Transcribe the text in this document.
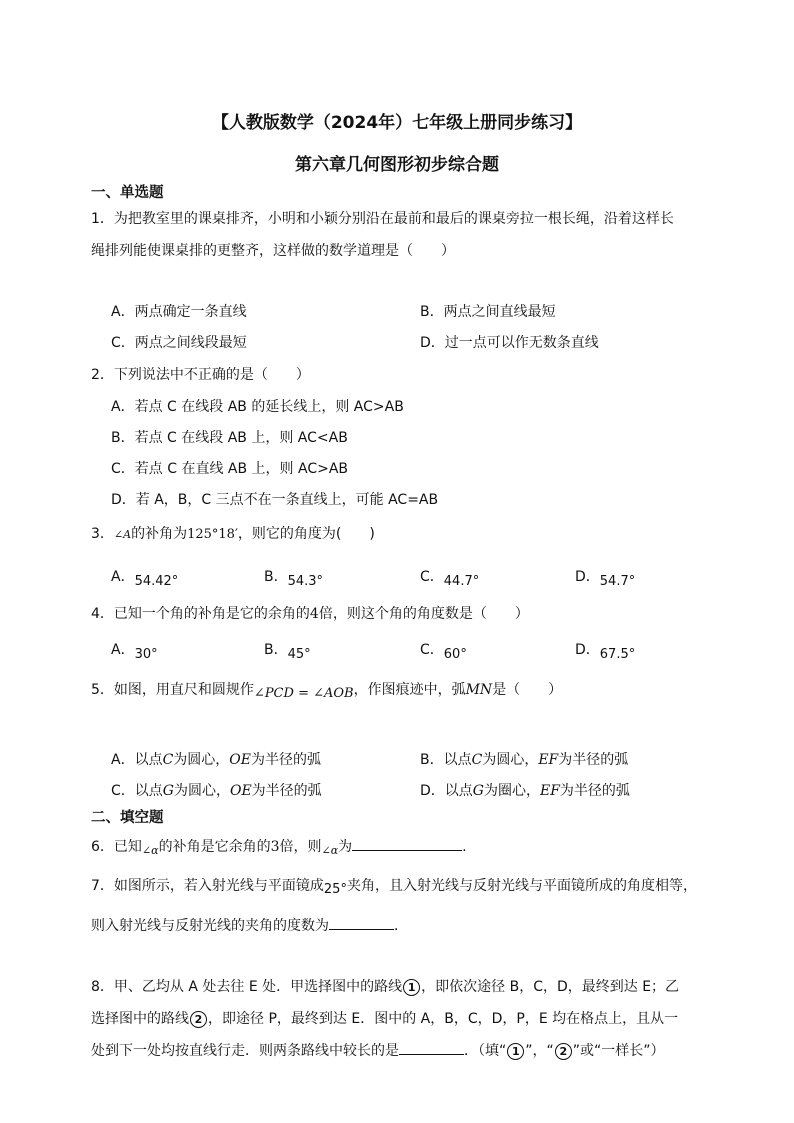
【人教版数学（2024年）七年级上册同步练习】
第六章几何图形初步综合题
一、单选题
1．为把教室里的课桌排齐，小明和小颖分别沿在最前和最后的课桌旁拉一根长绳，沿着这样长
绳排列能使课桌排的更整齐，这样做的数学道理是（　　）
A．两点确定一条直线	B．两点之间直线最短
C．两点之间线段最短	D．过一点可以作无数条直线
2．下列说法中不正确的是（　　）
A．若点 C 在线段 AB 的延长线上，则 AC>AB
B．若点 C 在线段 AB 上，则 AC<AB
C．若点 C 在直线 AB 上，则 AC>AB
D．若 A，B，C 三点不在一条直线上，可能 AC=AB
3．∠A的补角为125°18′，则它的角度为(　　)
A．54.42°	B．54.3°	C．44.7°	D．54.7°
4．已知一个角的补角是它的余角的4倍，则这个角的角度数是（　　）
A．30°	B．45°	C．60°	D．67.5°
5．如图，用直尺和圆规作∠PCD = ∠AOB，作图痕迹中，弧MN是（　　）
A．以点C为圆心，OE为半径的弧	B．以点C为圆心，EF为半径的弧
C．以点G为圆心，OE为半径的弧	D．以点G为圈心，EF为半径的弧
二、填空题
6．已知$_{\angle\alpha}$的补角是它余角的3倍，则$_{\angle\alpha}$为	.
7．如图所示，若入射光线与平面镜成25°夹角，且入射光线与反射光线与平面镜所成的角度相等，
则入射光线与反射光线的夹角的度数为	．
8．甲、乙均从 A 处去往 E 处．甲选择图中的路线 1 ，即依次途径 B，C，D，最终到达 E；乙
选择图中的路线 2 ，即途径 P，最终到达 E．图中的 A，B，C，D，P，E 均在格点上，且从一
处到下一处均按直线行走．则两条路线中较长的是	．（填“ 1 ”，“ 2 ”或“一样长”）
